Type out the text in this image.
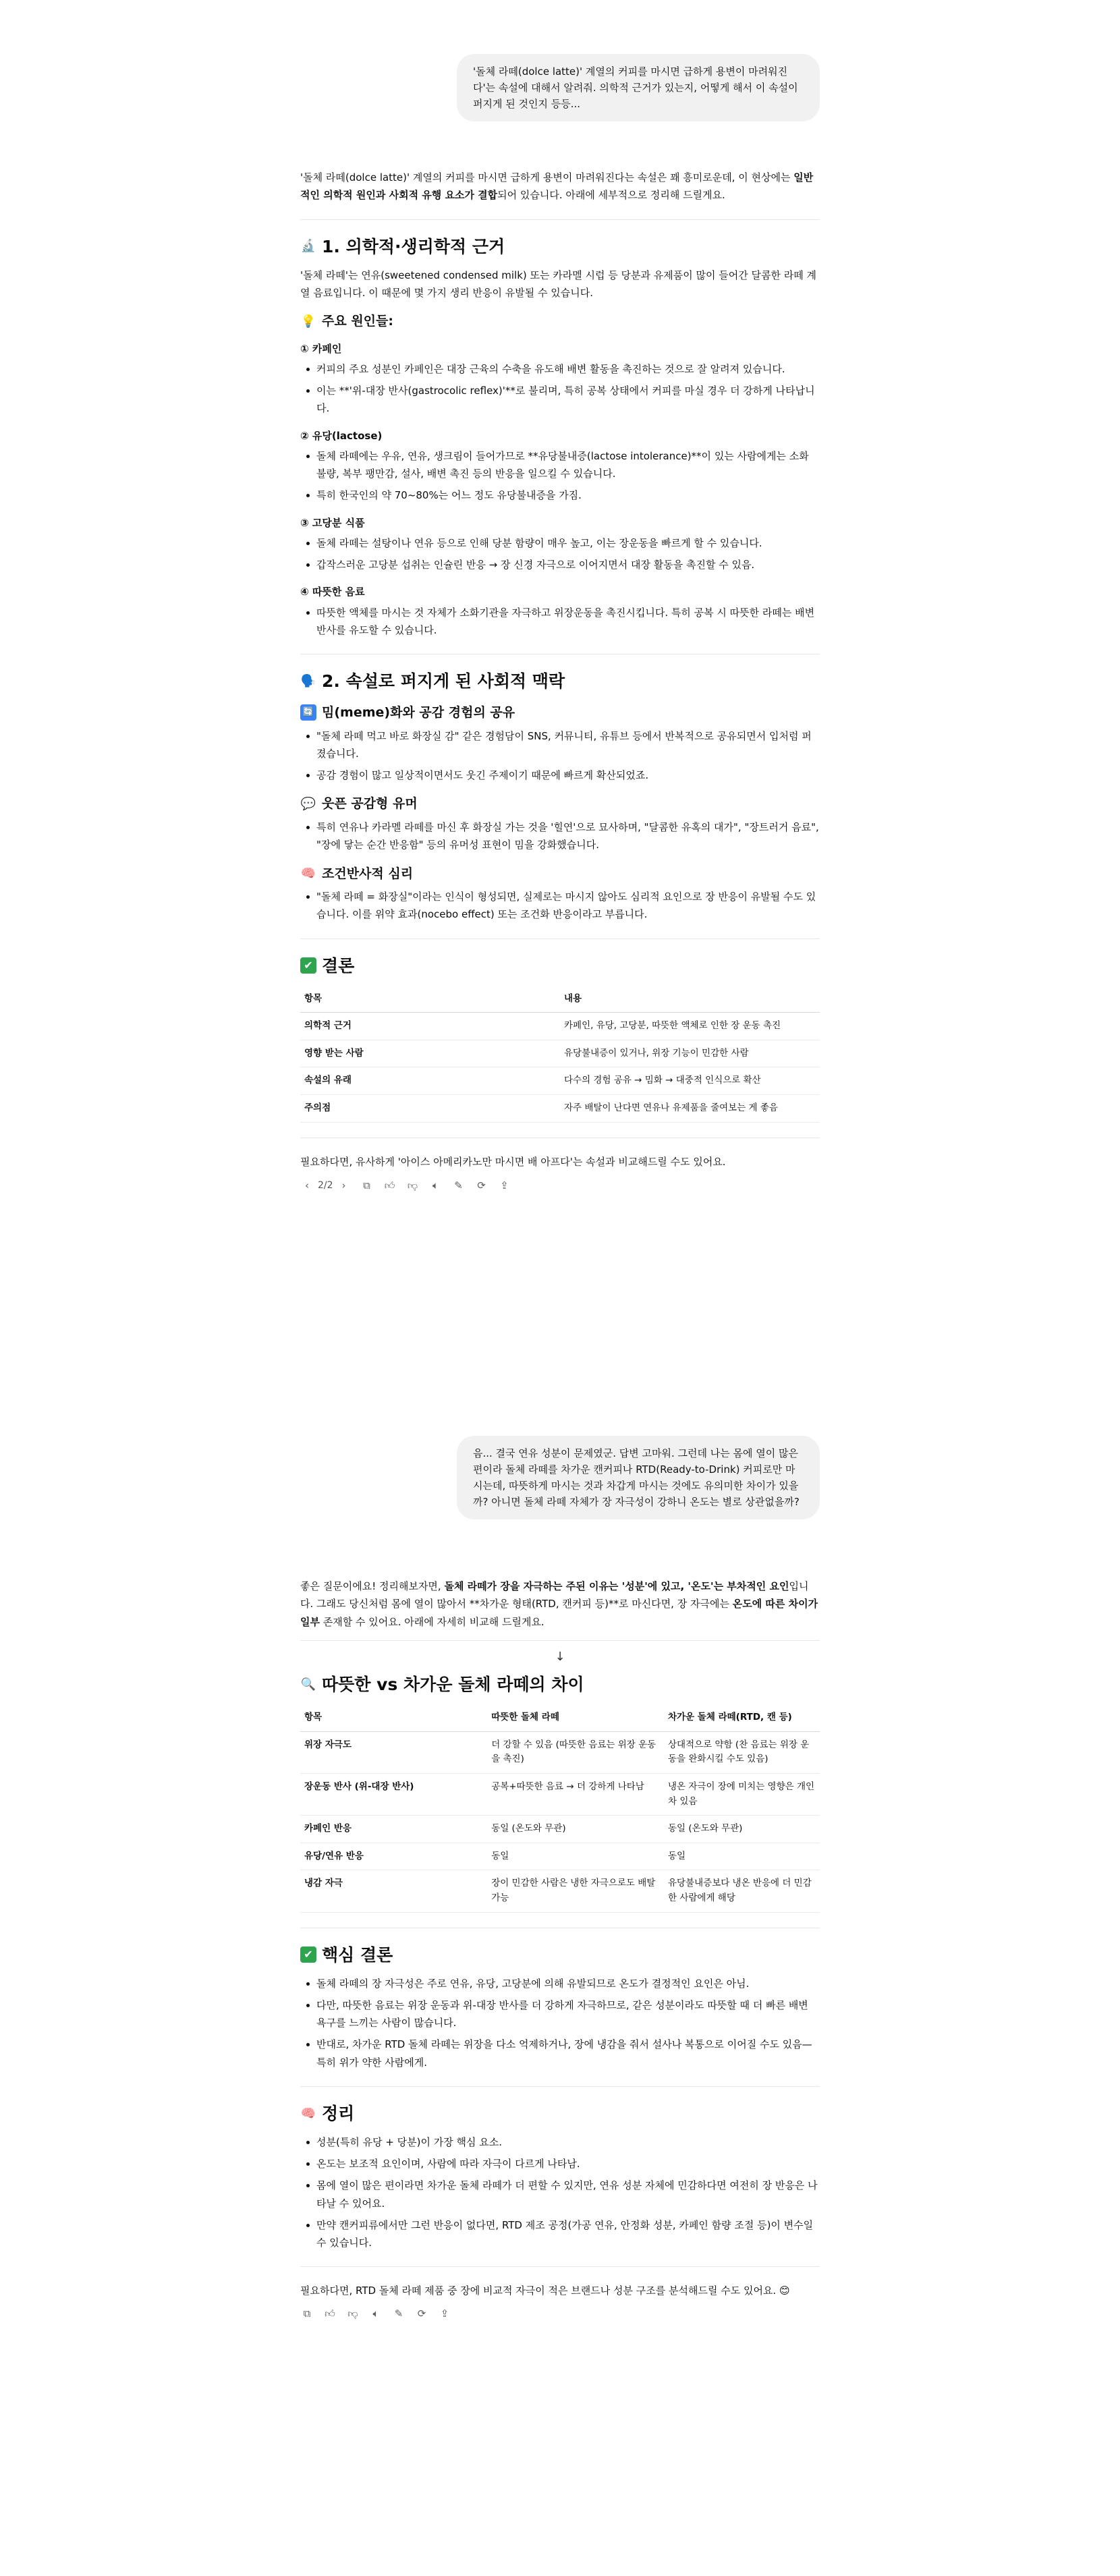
'돌체 라떼(dolce latte)' 계열의 커피를 마시면 급하게 용변이 마려워진다'는 속설에 대해서 알려줘. 의학적 근거가 있는지, 어떻게 해서 이 속설이 퍼지게 된 것인지 등등...

'돌체 라떼(dolce latte)' 계열의 커피를 마시면 급하게 용변이 마려워진다는 속설은 꽤 흥미로운데, 이 현상에는 일반적인 의학적 원인과 사회적 유행 요소가 결합되어 있습니다. 아래에 세부적으로 정리해 드릴게요.

🔬 1. 의학적·생리학적 근거

'돌체 라떼'는 연유(sweetened condensed milk) 또는 카라멜 시럽 등 당분과 유제품이 많이 들어간 달콤한 라떼 계열 음료입니다. 이 때문에 몇 가지 생리 반응이 유발될 수 있습니다.

💡 주요 원인들:
① 카페인
커피의 주요 성분인 카페인은 대장 근육의 수축을 유도해 배변 활동을 촉진하는 것으로 잘 알려져 있습니다.
이는 **'위-대장 반사(gastrocolic reflex)'**로 불리며, 특히 공복 상태에서 커피를 마실 경우 더 강하게 나타납니다.
② 유당(lactose)
돌체 라떼에는 우유, 연유, 생크림이 들어가므로 **유당불내증(lactose intolerance)**이 있는 사람에게는 소화 불량, 복부 팽만감, 설사, 배변 촉진 등의 반응을 일으킬 수 있습니다.
특히 한국인의 약 70~80%는 어느 정도 유당불내증을 가짐.
③ 고당분 식품
돌체 라떼는 설탕이나 연유 등으로 인해 당분 함량이 매우 높고, 이는 장운동을 빠르게 할 수 있습니다.
갑작스러운 고당분 섭취는 인슐린 반응 → 장 신경 자극으로 이어지면서 대장 활동을 촉진할 수 있음.
④ 따뜻한 음료
따뜻한 액체를 마시는 것 자체가 소화기관을 자극하고 위장운동을 촉진시킵니다. 특히 공복 시 따뜻한 라떼는 배변 반사를 유도할 수 있습니다.
🗣️ 2. 속설로 퍼지게 된 사회적 맥락
🔄 밈(meme)화와 공감 경험의 공유
"돌체 라떼 먹고 바로 화장실 감" 같은 경험담이 SNS, 커뮤니티, 유튜브 등에서 반복적으로 공유되면서 입처럼 퍼졌습니다.
공감 경험이 많고 일상적이면서도 웃긴 주제이기 때문에 빠르게 확산되었죠.
💬 웃픈 공감형 유머
특히 연유나 카라멜 라떼를 마신 후 화장실 가는 것을 '힐연'으로 묘사하며, "달콤한 유혹의 대가", "장트러거 음료", "장에 닿는 순간 반응함" 등의 유머성 표현이 밈을 강화했습니다.
🧠 조건반사적 심리
"돌체 라떼 = 화장실"이라는 인식이 형성되면, 실제로는 마시지 않아도 심리적 요인으로 장 반응이 유발될 수도 있습니다. 이를 위약 효과(nocebo effect) 또는 조건화 반응이라고 부릅니다.
✔ 결론
항목	내용
의학적 근거	카페인, 유당, 고당분, 따뜻한 액체로 인한 장 운동 촉진
영향 받는 사람	유당불내증이 있거나, 위장 기능이 민감한 사람
속설의 유래	다수의 경험 공유 → 밈화 → 대중적 인식으로 확산
주의점	자주 배탈이 난다면 연유나 유제품을 줄여보는 게 좋음

필요하다면, 유사하게 '아이스 아메리카노만 마시면 배 아프다'는 속설과 비교해드릴 수도 있어요.

‹ 2/2 ›	⧉	👍︎ 👎︎	🔈︎	✎ ⟳ ⇪
음... 결국 연유 성분이 문제였군. 답변 고마워. 그런데 나는 몸에 열이 많은 편이라 돌체 라떼를 차가운 캔커피나 RTD(Ready-to-Drink) 커피로만 마시는데, 따뜻하게 마시는 것과 차갑게 마시는 것에도 유의미한 차이가 있을까? 아니면 돌체 라떼 자체가 장 자극성이 강하니 온도는 별로 상관없을까?

좋은 질문이에요! 정리해보자면, 돌체 라떼가 장을 자극하는 주된 이유는 '성분'에 있고, '온도'는 부차적인 요인입니다. 그래도 당신처럼 몸에 열이 많아서 **차가운 형태(RTD, 캔커피 등)**로 마신다면, 장 자극에는 온도에 따른 차이가 일부 존재할 수 있어요. 아래에 자세히 비교해 드릴게요.

↓
🔍 따뜻한 vs 차가운 돌체 라떼의 차이
항목	따뜻한 돌체 라떼	차가운 돌체 라떼(RTD, 캔 등)
위장 자극도	더 강할 수 있음 (따뜻한 음료는 위장 운동을 촉진)	상대적으로 약함 (찬 음료는 위장 운동을 완화시킬 수도 있음)
장운동 반사 (위-대장 반사)	공복+따뜻한 음료 → 더 강하게 나타남	냉온 자극이 장에 미치는 영향은 개인차 있음
카페인 반응	동일 (온도와 무관)	동일 (온도와 무관)
유당/연유 반응	동일	동일
냉감 자극	장이 민감한 사람은 냉한 자극으로도 배탈 가능	유당불내증보다 냉온 반응에 더 민감한 사람에게 해당
✔ 핵심 결론
돌체 라떼의 장 자극성은 주로 연유, 유당, 고당분에 의해 유발되므로 온도가 결정적인 요인은 아님.
다만, 따뜻한 음료는 위장 운동과 위-대장 반사를 더 강하게 자극하므로, 같은 성분이라도 따뜻할 때 더 빠른 배변 욕구를 느끼는 사람이 많습니다.
반대로, 차가운 RTD 돌체 라떼는 위장을 다소 억제하거나, 장에 냉감을 줘서 설사나 복통으로 이어질 수도 있음—특히 위가 약한 사람에게.
🧠 정리
성분(특히 유당 + 당분)이 가장 핵심 요소.
온도는 보조적 요인이며, 사람에 따라 자극이 다르게 나타남.
몸에 열이 많은 편이라면 차가운 돌체 라떼가 더 편할 수 있지만, 연유 성분 자체에 민감하다면 여전히 장 반응은 나타날 수 있어요.
만약 캔커피류에서만 그런 반응이 없다면, RTD 제조 공정(가공 연유, 안정화 성분, 카페인 함량 조절 등)이 변수일 수 있습니다.

필요하다면, RTD 돌체 라떼 제품 중 장에 비교적 자극이 적은 브랜드나 성분 구조를 분석해드릴 수도 있어요. 😊

⧉	👍︎ 👎︎	🔈︎	✎ ⟳ ⇪
